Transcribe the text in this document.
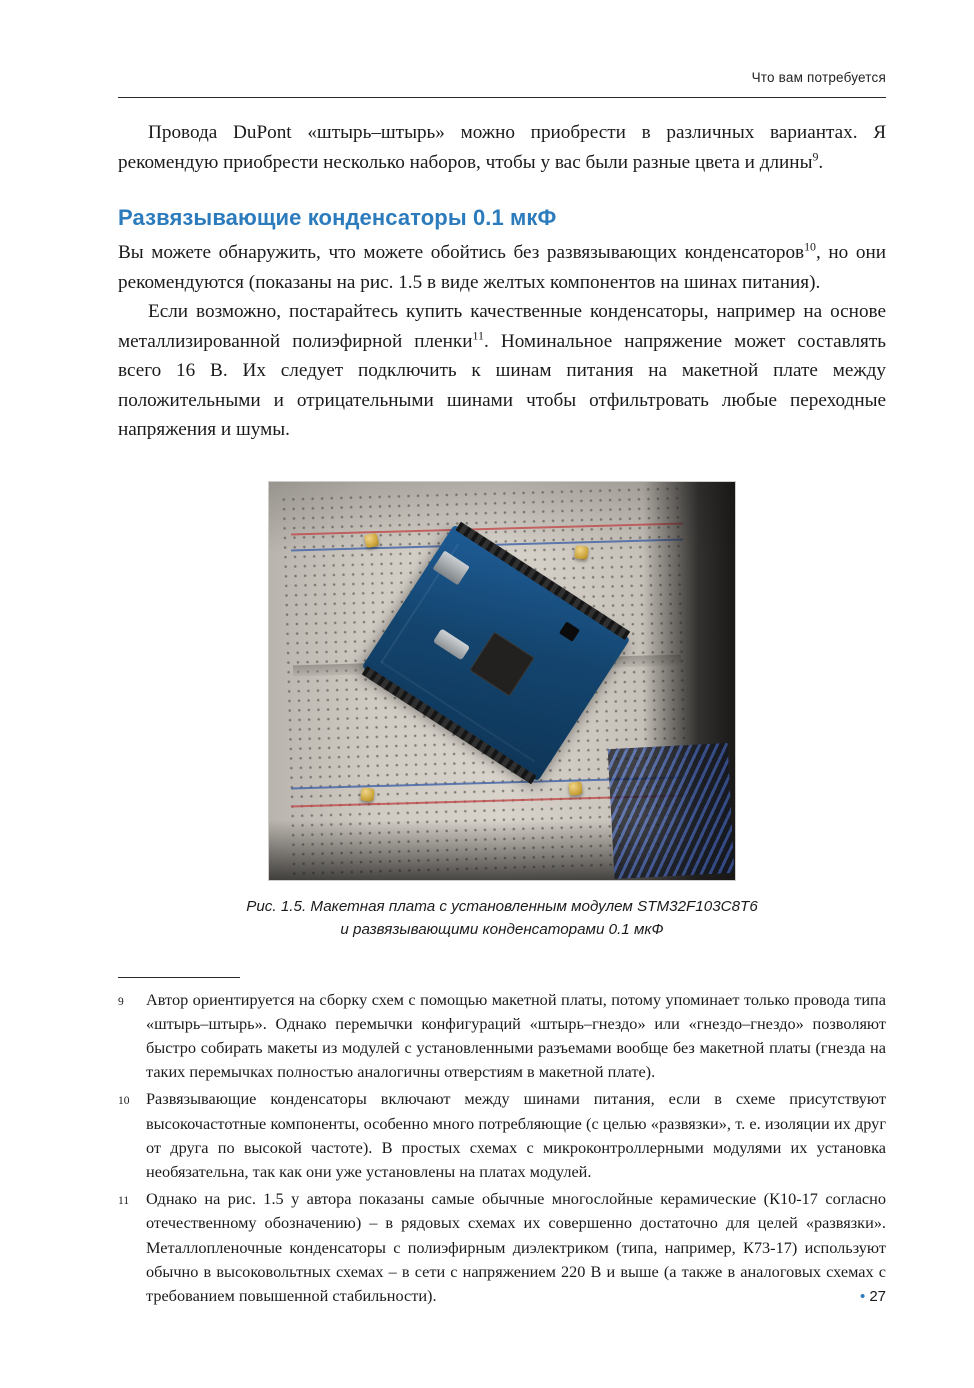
Что вам потребуется

Провода DuPont «штырь–штырь» можно приобрести в различных вариантах. Я рекомендую приобрести несколько наборов, чтобы у вас были разные цвета и длины$^9$.

Развязывающие конденсаторы 0.1 мкФ

Вы можете обнаружить, что можете обойтись без развязывающих конденсаторов$^{10}$, но они рекомендуются (показаны на рис. 1.5 в виде желтых компонентов на шинах питания).

Если возможно, постарайтесь купить качественные конденсаторы, например на основе металлизированной полиэфирной пленки$^{11}$. Номинальное напряжение может составлять всего 16 В. Их следует подключить к шинам питания на макетной плате между положительными и отрицательными шинами чтобы отфильтровать любые переходные напряжения и шумы.

Рис. 1.5. Макетная плата с установленным модулем STM32F103C8T6
и развязывающими конденсаторами 0.1 мкФ
9	Автор ориентируется на сборку схем с помощью макетной платы, потому упоминает только провода типа «штырь–штырь». Однако перемычки конфигураций «штырь–гнездо» или «гнездо–гнездо» позволяют быстро собирать макеты из модулей с установленными разъемами вообще без макетной платы (гнезда на таких перемычках полностью аналогичны отверстиям в макетной плате).
10	Развязывающие конденсаторы включают между шинами питания, если в схеме присутствуют высокочастотные компоненты, особенно много потребляющие (с целью «развязки», т. е. изоляции их друг от друга по высокой частоте). В простых схемах с микроконтроллерными модулями их установка необязательна, так как они уже установлены на платах модулей.
11	Однако на рис. 1.5 у автора показаны самые обычные многослойные керамические (К10-17 согласно отечественному обозначению) – в рядовых схемах их совершенно достаточно для целей «развязки». Металлопленочные конденсаторы с полиэфирным диэлектриком (типа, например, К73-17) используют обычно в высоковольтных схемах – в сети с напряжением 220 В и выше (а также в аналоговых схемах с требованием повышенной стабильности).	• 27
